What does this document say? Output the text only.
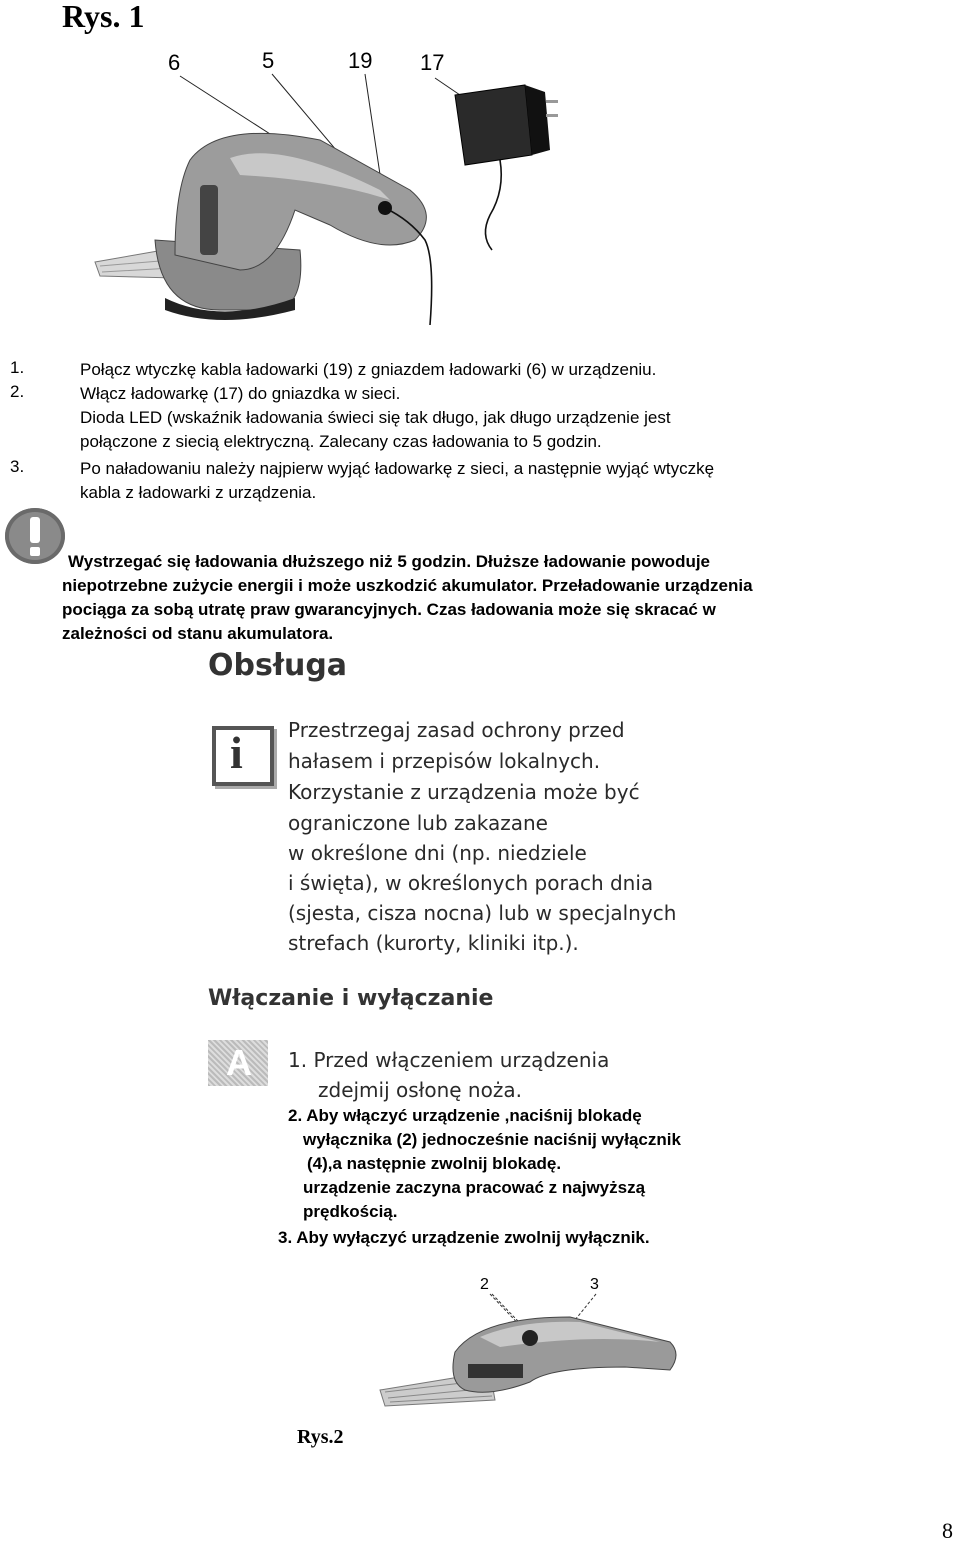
Rys. 1
6	5	19 17
1.	Połącz wtyczkę kabla ładowarki (19) z gniazdem ładowarki (6) w urządzeniu.
2.	Włącz ładowarkę (17) do gniazdka w sieci.
Dioda LED (wskaźnik ładowania świeci się tak długo, jak długo urządzenie jest
połączone z siecią elektryczną. Zalecany czas ładowania to 5 godzin.
3.	Po naładowaniu należy najpierw wyjąć ładowarkę z sieci, a następnie wyjąć wtyczkę
kabla z ładowarki z urządzenia.
Wystrzegać się ładowania dłuższego niż 5 godzin. Dłuższe ładowanie powoduje
niepotrzebne zużycie energii i może uszkodzić akumulator. Przeładowanie urządzenia
pociąga za sobą utratę praw gwarancyjnych. Czas ładowania może się skracać w
zależności od stanu akumulatora.
Obsługa
i Przestrzegaj zasad ochrony przed
hałasem i przepisów lokalnych.
Korzystanie z urządzenia może być
ograniczone lub zakazane
w określone dni (np. niedziele
i święta), w określonych porach dnia
(sjesta, cisza nocna) lub w specjalnych
strefach (kurorty, kliniki itp.).
Włączanie i wyłączanie
A 1. Przed włączeniem urządzenia
zdejmij osłonę noża.
2. Aby włączyć urządzenie ,naciśnij blokadę
wyłącznika (2) jednocześnie naciśnij wyłącznik
(4),a następnie zwolnij blokadę.
urządzenie zaczyna pracować z najwyższą
prędkością.
3. Aby wyłączyć urządzenie zwolnij wyłącznik.
2	3
Rys.2
8
